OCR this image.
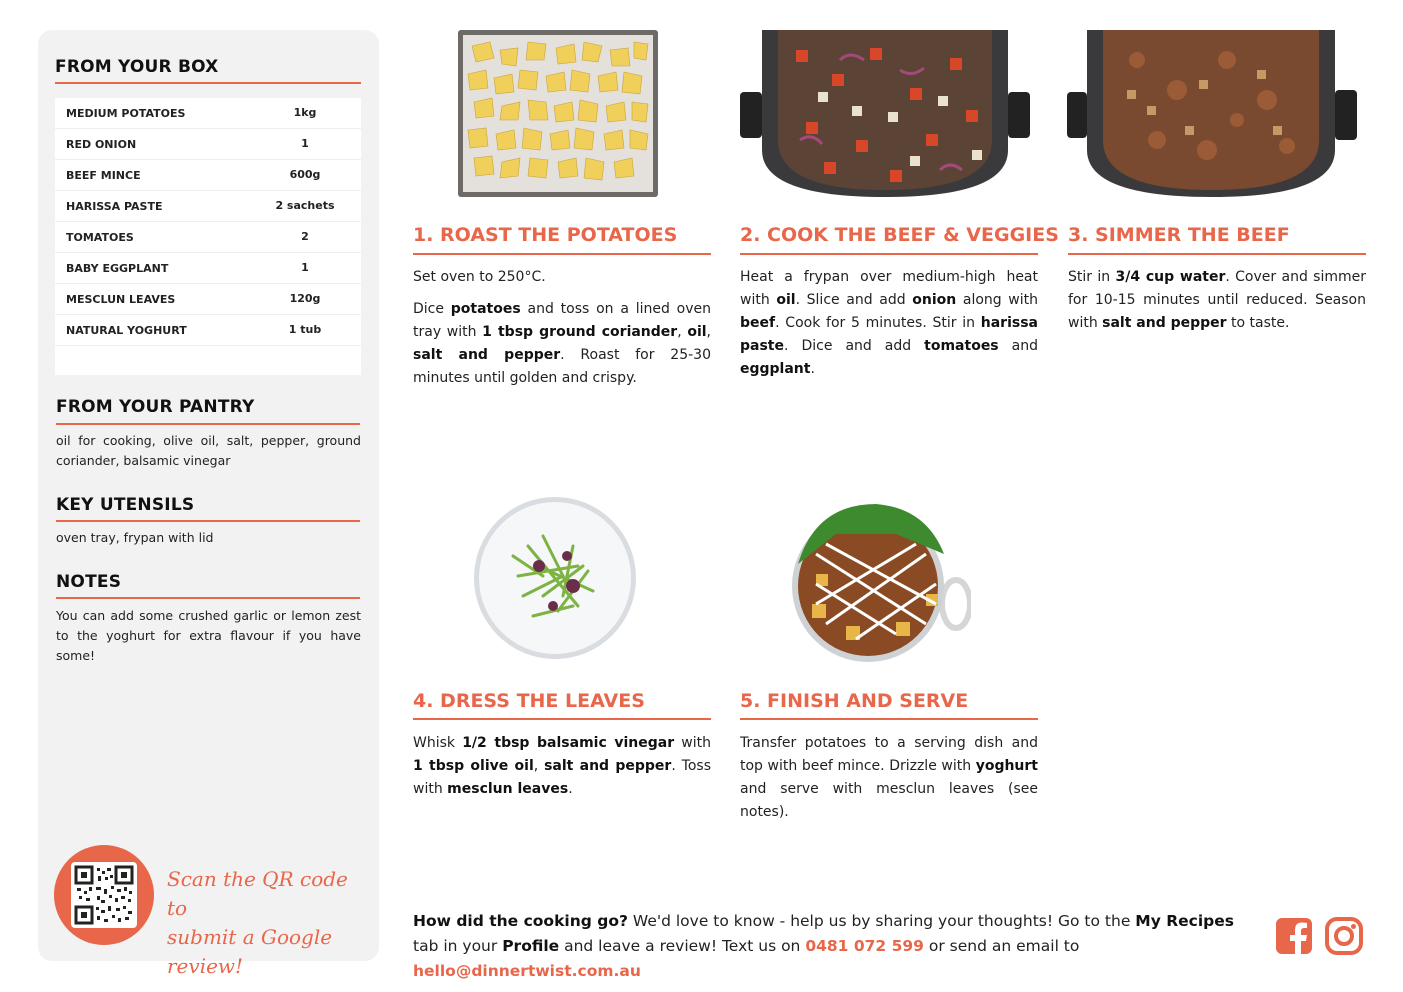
FROM YOUR BOX
MEDIUM POTATOES	1kg
RED ONION	1
BEEF MINCE	600g
HARISSA PASTE	2 sachets
TOMATOES	2
BABY EGGPLANT	1
MESCLUN LEAVES	120g
NATURAL YOGHURT	1 tub
FROM YOUR PANTRY
oil for cooking, olive oil, salt, pepper, ground coriander, balsamic vinegar
KEY UTENSILS
oven tray, frypan with lid
NOTES
You can add some crushed garlic or lemon zest to the yoghurt for extra flavour if you have some!
Scan the QR code to
submit a Google review!
1. ROAST THE POTATOES	2. COOK THE BEEF & VEGGIES 3. SIMMER THE BEEF
4. DRESS THE LEAVES	5. FINISH AND SERVE

Set oven to 250°C.

Dice potatoes and toss on a lined oven tray with 1 tbsp ground coriander, oil, salt and pepper. Roast for 25-30 minutes until golden and crispy.

Heat a frypan over medium-high heat with oil. Slice and add onion along with beef. Cook for 5 minutes. Stir in harissa paste. Dice and add tomatoes and eggplant.

Stir in 3/4 cup water. Cover and simmer for 10-15 minutes until reduced. Season with salt and pepper to taste.

Whisk 1/2 tbsp balsamic vinegar with 1 tbsp olive oil, salt and pepper. Toss with mesclun leaves.

Transfer potatoes to a serving dish and top with beef mince. Drizzle with yoghurt and serve with mesclun leaves (see notes).

How did the cooking go? We'd love to know - help us by sharing your thoughts! Go to the My Recipes tab in your Profile and leave a review! Text us on 0481 072 599 or send an email to hello@dinnertwist.com.au
